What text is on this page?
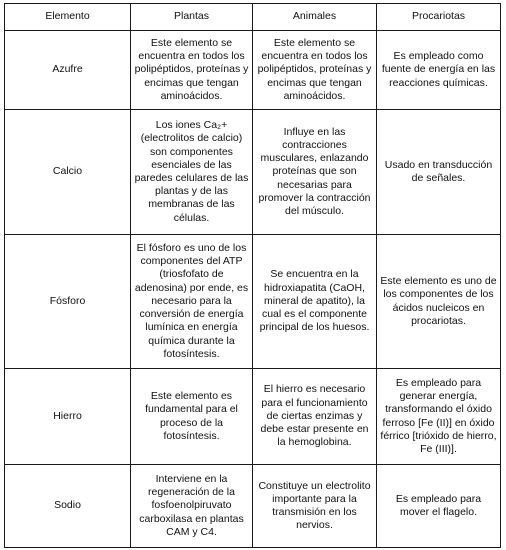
Elemento	Plantas	Animales	Procariotas
Azufre	Este elemento se encuentra en todos los polipéptidos, proteínas y encimas que tengan aminoácidos.	Este elemento se encuentra en todos los polipéptidos, proteínas y encimas que tengan aminoácidos.	Es empleado como fuente de energía en las reacciones químicas.
Calcio	Los iones Ca₂+ (electrolitos de calcio) son componentes esenciales de las paredes celulares de las plantas y de las membranas de las células.	Influye en las contracciones musculares, enlazando proteínas que son necesarias para promover la contracción del músculo.	Usado en transducción de señales.
Fósforo	El fósforo es uno de los componentes del ATP (triosfofato de adenosina) por ende, es necesario para la conversión de energía lumínica en energía química durante la fotosíntesis.	Se encuentra en la hidroxiapatita (CaOH, mineral de apatito), la cual es el componente principal de los huesos.	Este elemento es uno de los componentes de los ácidos nucleicos en procariotas.
Hierro	Este elemento es fundamental para el proceso de la fotosíntesis.	El hierro es necesario para el funcionamiento de ciertas enzimas y debe estar presente en la hemoglobina.	Es empleado para generar energía, transformando el óxido ferroso [Fe (II)] en óxido férrico [trióxido de hierro, Fe (III)].
Sodio	Interviene en la regeneración de la fosfoenolpiruvato carboxilasa en plantas CAM y C4.	Constituye un electrolito importante para la transmisión en los nervios.	Es empleado para mover el flagelo.
